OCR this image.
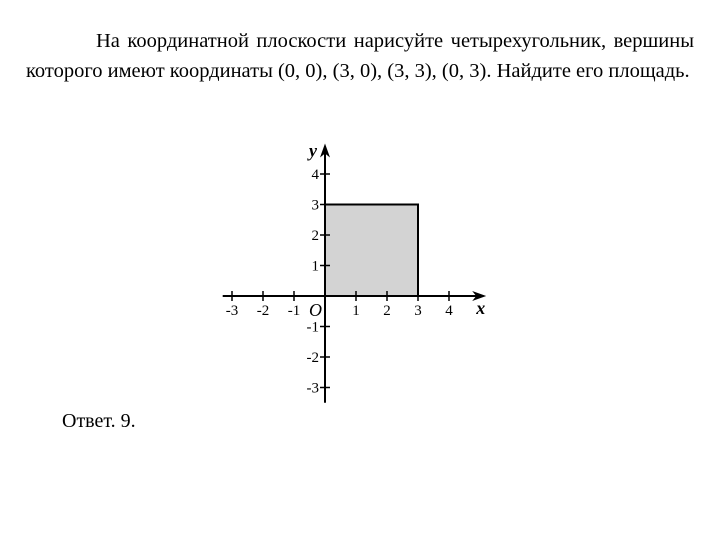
На координатной плоскости нарисуйте четырехугольник, вершины которого имеют координаты (0, 0), (3, 0), (3, 3), (0, 3). Найдите его площадь.
-3 -2 -1	1 2 3 4
4
3
2
1
-1
-2
-3
x
y
O
Ответ. 9.
